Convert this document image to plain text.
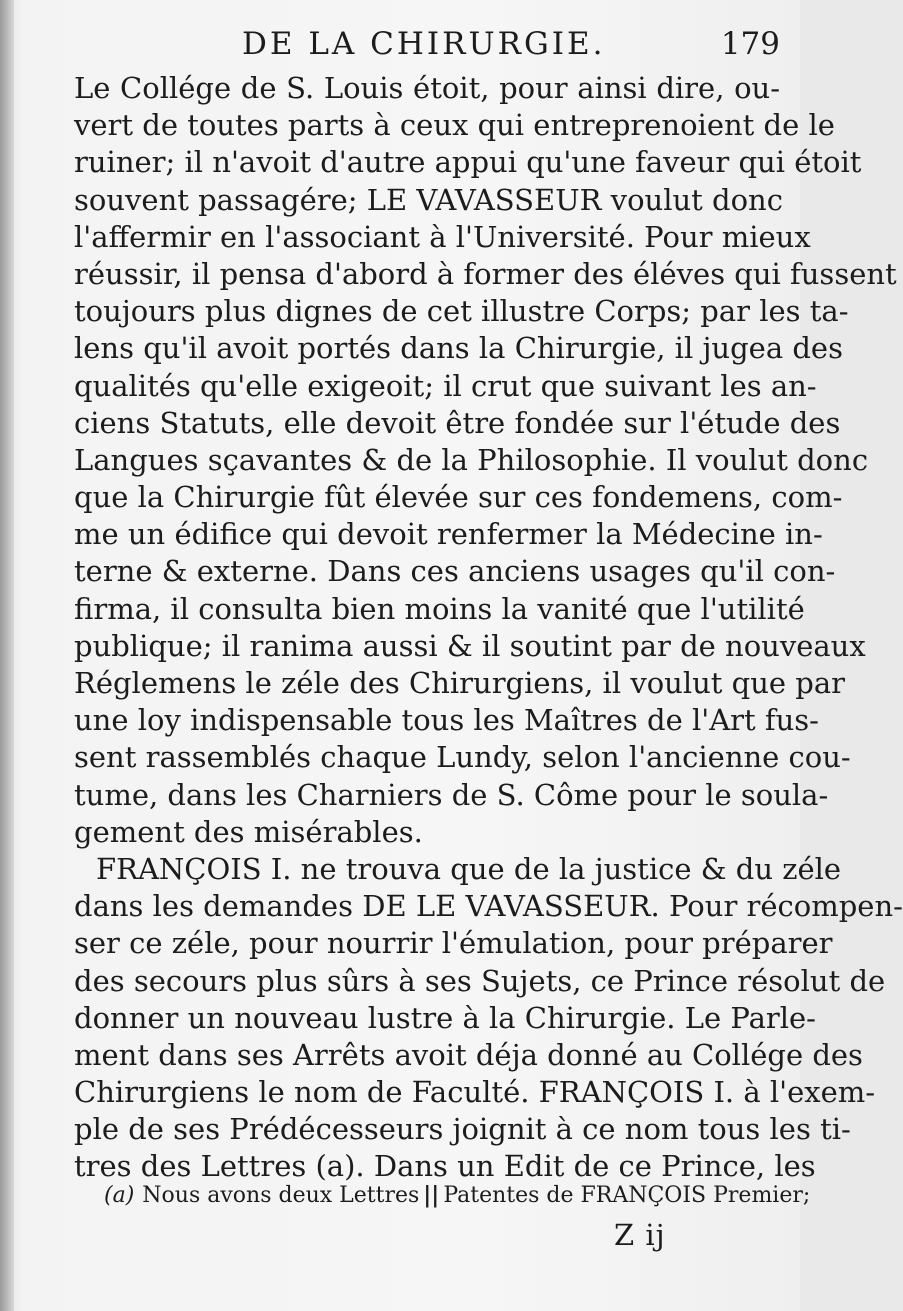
DE LA CHIRURGIE.	179
Le Collége de S. Louis étoit, pour ainsi dire, ou-
vert de toutes parts à ceux qui entreprenoient de le
ruiner; il n'avoit d'autre appui qu'une faveur qui étoit
souvent passagére; LE VAVASSEUR voulut donc
l'affermir en l'associant à l'Université. Pour mieux
réussir, il pensa d'abord à former des éléves qui fussent
toujours plus dignes de cet illustre Corps; par les ta-
lens qu'il avoit portés dans la Chirurgie, il jugea des
qualités qu'elle exigeoit; il crut que suivant les an-
ciens Statuts, elle devoit être fondée sur l'étude des
Langues sçavantes & de la Philosophie. Il voulut donc
que la Chirurgie fût élevée sur ces fondemens, com-
me un édifice qui devoit renfermer la Médecine in-
terne & externe. Dans ces anciens usages qu'il con-
firma, il consulta bien moins la vanité que l'utilité
publique; il ranima aussi & il soutint par de nouveaux
Réglemens le zéle des Chirurgiens, il voulut que par
une loy indispensable tous les Maîtres de l'Art fus-
sent rassemblés chaque Lundy, selon l'ancienne cou-
tume, dans les Charniers de S. Côme pour le soula-
gement des misérables.
FRANÇOIS I. ne trouva que de la justice & du zéle
dans les demandes DE LE VAVASSEUR. Pour récompen-
ser ce zéle, pour nourrir l'émulation, pour préparer
des secours plus sûrs à ses Sujets, ce Prince résolut de
donner un nouveau lustre à la Chirurgie. Le Parle-
ment dans ses Arrêts avoit déja donné au Collége des
Chirurgiens le nom de Faculté. FRANÇOIS I. à l'exem-
ple de ses Prédécesseurs joignit à ce nom tous les ti-
tres des Lettres (a). Dans un Edit de ce Prince, les
(a) Nous avons deux Lettres || Patentes de FRANÇOIS Premier;
Z ij
